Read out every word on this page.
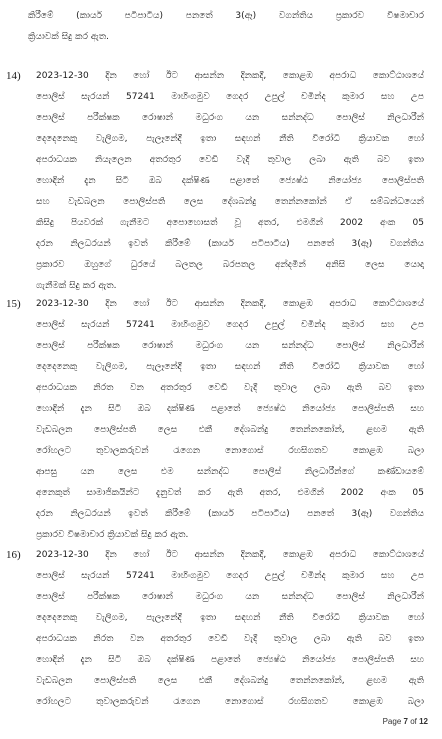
කිරීමේ (කාර්ය පටිපාටිය) පනතේ 3(ඈ) වගන්තිය ප්‍රකාරව විෂමාචාර
ක්‍රියාවක් සිදු කර ඇත.
14) 2023-12-30 දින හෝ ඊට ආසන්න දිනකදී, කොළඹ අපරාධ කොට්ඨාශයේ
පොලිස් සැරයන් 57241 මාහිංගමුව ගෙදර උපුල් චමින්ද කුමාර සහ උප
පොලිස් පරීක්ෂක රොෂාන් මධුරංග යන සන්නද්ධ පොලිස් නිලධාරීන්
දෙදෙනෙකු වැලිගම, පැලෑනේදී ඉතා සඳහන් නීති විරෝධී ක්‍රියාවක හෝ
අපරාධයක නියැලෙන අතරතුර වෙඩි වැදී තුවාල ලබා ඇති බව ඉතා
හොඳින් දැන සිටි ඔබ දක්ෂිණ පළාතේ ජ්‍යෙෂ්ඨ නියෝජ්‍ය පොලිස්පති
සහ වැඩබලන පොලිස්පති ලෙස දේශබන්දු තෙන්නකෝන් ඒ සම්බන්ධයෙන්
කිසිදු පියවරක් ගැනීමට අපොහොසත් වූ අතර, එමගින් 2002 අංක 05
දරන නිලධරයන් ඉවත් කිරීමේ (කාර්ය පටිපාටිය) පනතේ 3(ඈ) වගන්තිය
ප්‍රකාරව ඔහුගේ ධුරයේ බලතල බරපතල අන්දමින් අනිසි ලෙස යොදා
ගැනීමක් සිදු කර ඇත.
15) 2023-12-30 දින හෝ ඊට ආසන්න දිනකදී, කොළඹ අපරාධ කොට්ඨාශයේ
පොලිස් සැරයන් 57241 මාහිංගමුව ගෙදර උපුල් චමින්ද කුමාර සහ උප
පොලිස් පරීක්ෂක රොෂාන් මධුරංග යන සන්නද්ධ පොලිස් නිලධාරීන්
දෙදෙනෙකු වැලිගම, පැලෑනේදී ඉතා සඳහන් නීති විරෝධී ක්‍රියාවක හෝ
අපරාධයක නිරත වන අතරතුර වෙඩි වැදී තුවාල ලබා ඇති බව ඉතා
හොඳින් දැන සිටි ඔබ දක්ෂිණ පළාතේ ජ්‍යෙෂ්ඨ නියෝජ්‍ය පොලිස්පති සහ
වැඩබලන පොලිස්පති ලෙස එකී දේශබන්දු තෙන්නකෝන්, ළඟම ඇති
රෝහලට තුවාලකරුවන් රැගෙන නොගොස් රහසිගතව කොළඹ බලා
ආපසු යන ලෙස එම සන්නද්ධ පොලිස් නිලධාරීන්ගේ කණ්ඩායමේ
අනෙකුත් සාමාජිකයින්ට දැනුවත් කර ඇති අතර, එමගින් 2002 අංක 05
දරන නිලධරයන් ඉවත් කිරීමේ (කාර්ය පටිපාටිය) පනතේ 3(ඈ) වගන්තිය
ප්‍රකාරව විෂමාචාර ක්‍රියාවක් සිදු කර ඇත.
16) 2023-12-30 දින හෝ ඊට ආසන්න දිනකදී, කොළඹ අපරාධ කොට්ඨාශයේ
පොලිස් සැරයන් 57241 මාහිංගමුව ගෙදර උපුල් චමින්ද කුමාර සහ උප
පොලිස් පරීක්ෂක රොෂාන් මධුරංග යන සන්නද්ධ පොලිස් නිලධාරීන්
දෙදෙනෙකු වැලිගම, පැලෑනේදී ඉතා සඳහන් නීති විරෝධී ක්‍රියාවක හෝ
අපරාධයක නිරත වන අතරතුර වෙඩි වැදී තුවාල ලබා ඇති බව ඉතා
හොඳින් දැන සිටි ඔබ දක්ෂිණ පළාතේ ජ්‍යෙෂ්ඨ නියෝජ්‍ය පොලිස්පති සහ
වැඩබලන පොලිස්පති ලෙස එකී දේශබන්දු තෙන්නකෝන්, ළඟම ඇති
රෝහලට තුවාලකරුවන් රැගෙන නොගොස් රහසිගතව කොළඹ බලා
Page 7 of 12
